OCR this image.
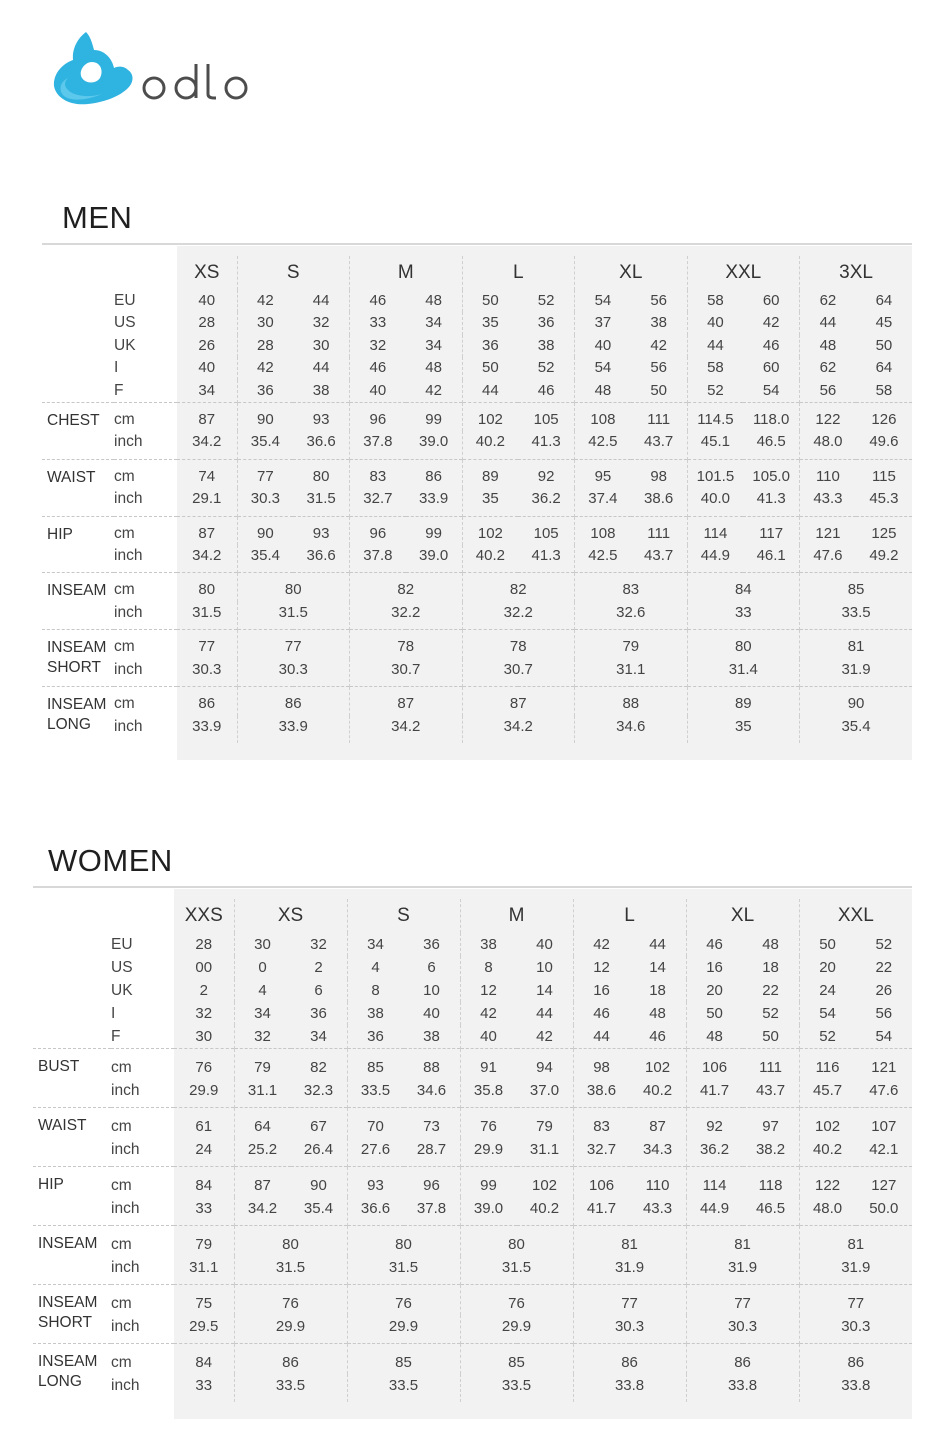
MEN
		XS	S		M		L		XL		XXL		3XL	
	EU	40	42	44	46	48	50	52	54	56	58	60	62	64
	US	28	30	32	33	34	35	36	37	38	40	42	44	45
	UK	26	28	30	32	34	36	38	40	42	44	46	48	50
	I	40	42	44	46	48	50	52	54	56	58	60	62	64
	F	34	36	38	40	42	44	46	48	50	52	54	56	58

CHEST	cm	87	90	93	96	99	102	105	108	111	114.5	118.0	122	126
	inch	34.2	35.4	36.6	37.8	39.0	40.2	41.3	42.5	43.7	45.1	46.5	48.0	49.6

WAIST	cm	74	77	80	83	86	89	92	95	98	101.5	105.0	110	115
	inch	29.1	30.3	31.5	32.7	33.9	35	36.2	37.4	38.6	40.0	41.3	43.3	45.3

HIP	cm	87	90	93	96	99	102	105	108	111	114	117	121	125
	inch	34.2	35.4	36.6	37.8	39.0	40.2	41.3	42.5	43.7	44.9	46.1	47.6	49.2

INSEAM	cm	80	80		82		82		83		84		85	
	inch	31.5	31.5		32.2		32.2		32.6		33		33.5	

INSEAM
SHORT	cm	77	77		78		78		79		80		81	
	inch	30.3	30.3		30.7		30.7		31.1		31.4		31.9	

INSEAM
LONG	cm	86	86		87		87		88		89		90	
	inch	33.9	33.9		34.2		34.2		34.6		35		35.4	
WOMEN
		XXS	XS		S		M		L		XL		XXL	
	EU	28	30	32	34	36	38	40	42	44	46	48	50	52
	US	00	0	2	4	6	8	10	12	14	16	18	20	22
	UK	2	4	6	8	10	12	14	16	18	20	22	24	26
	I	32	34	36	38	40	42	44	46	48	50	52	54	56
	F	30	32	34	36	38	40	42	44	46	48	50	52	54

BUST	cm	76	79	82	85	88	91	94	98	102	106	111	116	121
	inch	29.9	31.1	32.3	33.5	34.6	35.8	37.0	38.6	40.2	41.7	43.7	45.7	47.6

WAIST	cm	61	64	67	70	73	76	79	83	87	92	97	102	107
	inch	24	25.2	26.4	27.6	28.7	29.9	31.1	32.7	34.3	36.2	38.2	40.2	42.1

HIP	cm	84	87	90	93	96	99	102	106	110	114	118	122	127
	inch	33	34.2	35.4	36.6	37.8	39.0	40.2	41.7	43.3	44.9	46.5	48.0	50.0

INSEAM	cm	79	80		80		80		81		81		81	
	inch	31.1	31.5		31.5		31.5		31.9		31.9		31.9	

INSEAM
SHORT	cm	75	76		76		76		77		77		77	
	inch	29.5	29.9		29.9		29.9		30.3		30.3		30.3	

INSEAM
LONG	cm	84	86		85		85		86		86		86	
	inch	33	33.5		33.5		33.5		33.8		33.8		33.8	
